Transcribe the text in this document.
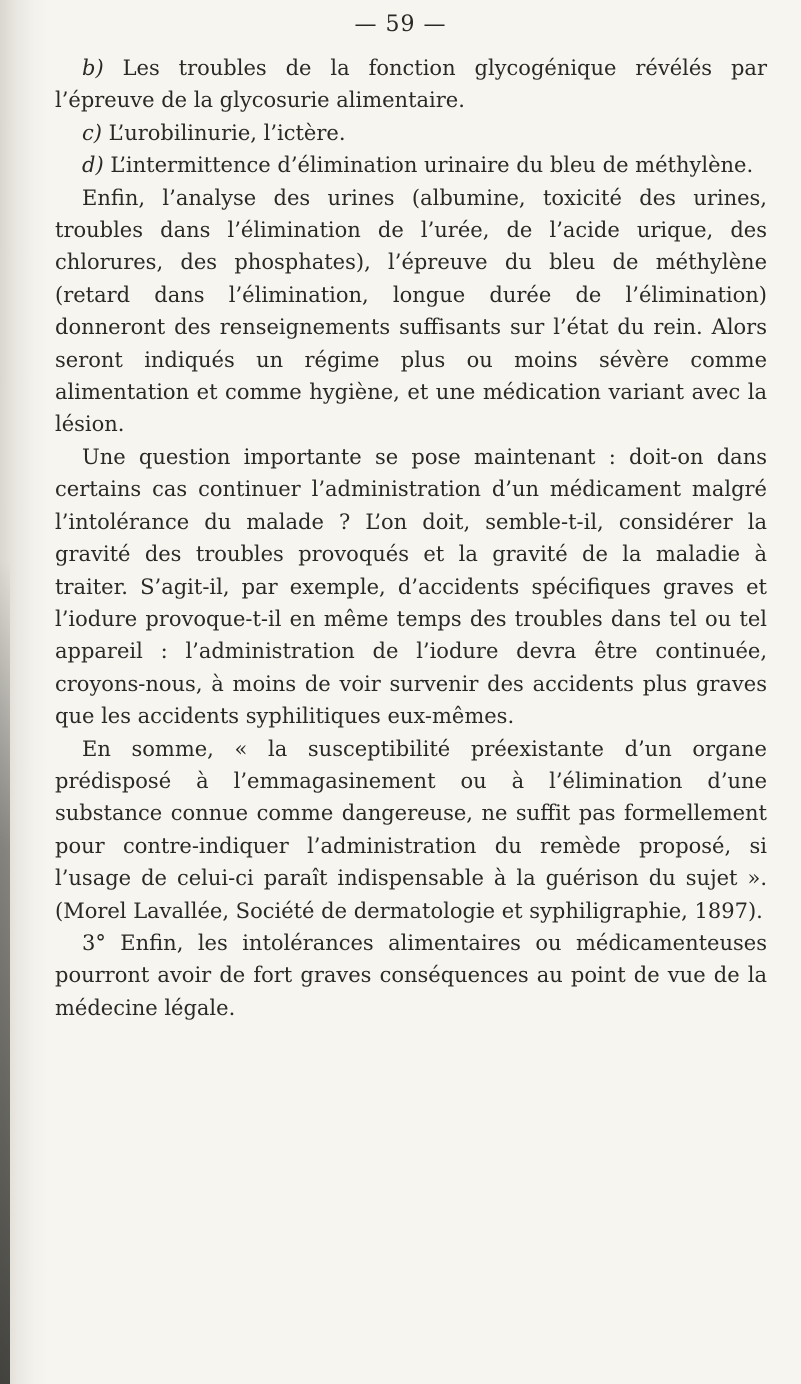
— 59 —

b) Les troubles de la fonction glycogénique révélés par l’épreuve de la glycosurie alimentaire.

c) L’urobilinurie, l’ictère.

d) L’intermittence d’élimination urinaire du bleu de méthylène.

Enfin, l’analyse des urines (albumine, toxicité des urines, troubles dans l’élimination de l’urée, de l’acide urique, des chlorures, des phosphates), l’épreuve du bleu de méthylène (retard dans l’élimination, longue durée de l’élimination) donneront des renseignements suffisants sur l’état du rein. Alors seront indiqués un régime plus ou moins sévère comme alimentation et comme hygiène, et une médication variant avec la lésion.

Une question importante se pose maintenant : doit-on dans certains cas continuer l’administration d’un médicament malgré l’intolérance du malade ? L’on doit, semble-t-il, considérer la gravité des troubles provoqués et la gravité de la maladie à traiter. S’agit-il, par exemple, d’accidents spécifiques graves et l’iodure provoque-t-il en même temps des troubles dans tel ou tel appareil : l’administration de l’iodure devra être continuée, croyons-nous, à moins de voir survenir des accidents plus graves que les accidents syphilitiques eux-mêmes.

En somme, « la susceptibilité préexistante d’un organe prédisposé à l’emmagasinement ou à l’élimination d’une substance connue comme dangereuse, ne suffit pas formellement pour contre-indiquer l’administration du remède proposé, si l’usage de celui-ci paraît indispensable à la guérison du sujet ». (Morel Lavallée, Société de dermatologie et syphiligraphie, 1897).

3° Enfin, les intolérances alimentaires ou médicamenteuses pourront avoir de fort graves conséquences au point de vue de la médecine légale.
